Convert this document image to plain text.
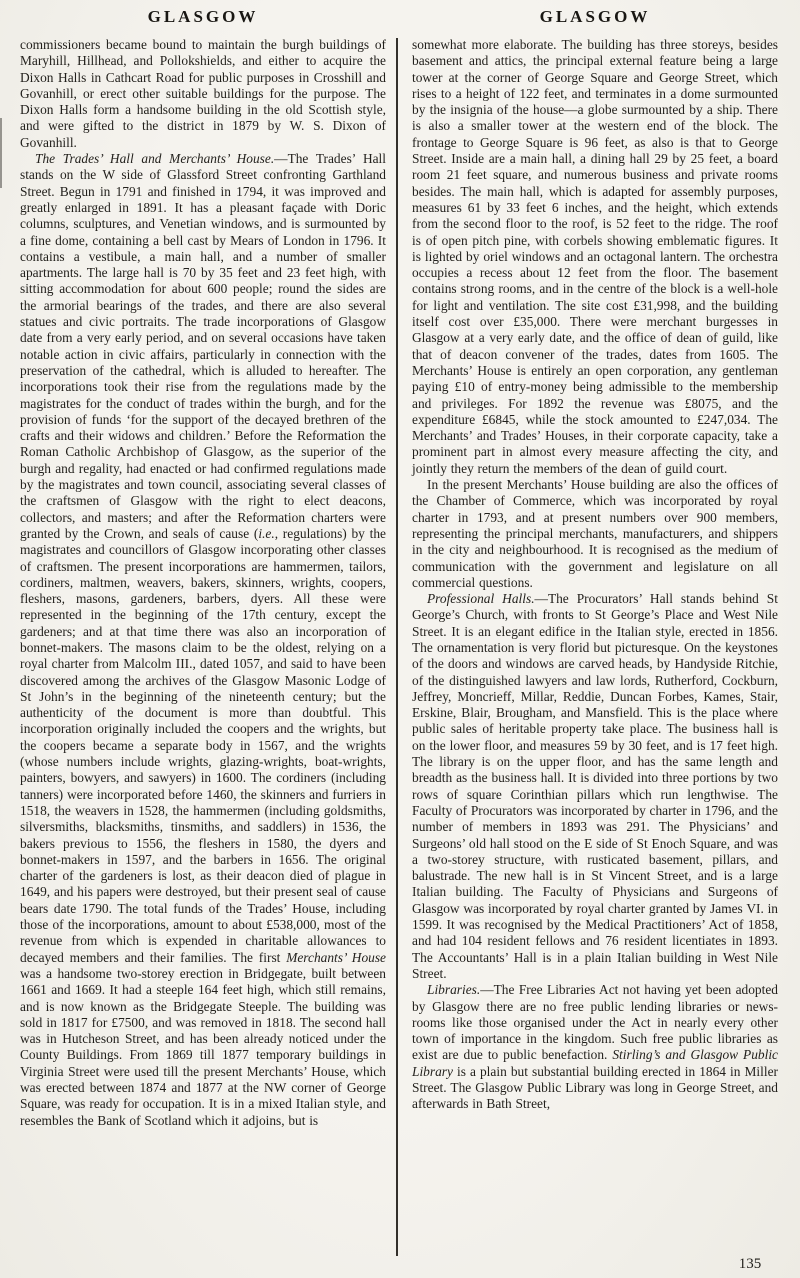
GLASGOW	GLASGOW

commissioners became bound to maintain the burgh buildings of Maryhill, Hillhead, and Pollokshields, and either to acquire the Dixon Halls in Cathcart Road for public purposes in Crosshill and Govanhill, or erect other suitable buildings for the purpose. The Dixon Halls form a handsome building in the old Scottish style, and were gifted to the district in 1879 by W. S. Dixon of Govanhill.

The Trades’ Hall and Merchants’ House.—The Trades’ Hall stands on the W side of Glassford Street confronting Garthland Street. Begun in 1791 and finished in 1794, it was improved and greatly enlarged in 1891. It has a pleasant façade with Doric columns, sculptures, and Venetian windows, and is surmounted by a fine dome, containing a bell cast by Mears of London in 1796. It contains a vestibule, a main hall, and a number of smaller apartments. The large hall is 70 by 35 feet and 23 feet high, with sitting accommodation for about 600 people; round the sides are the armorial bearings of the trades, and there are also several statues and civic portraits. The trade incorporations of Glasgow date from a very early period, and on several occasions have taken notable action in civic affairs, particularly in connection with the preservation of the cathedral, which is alluded to hereafter. The incorporations took their rise from the regulations made by the magistrates for the conduct of trades within the burgh, and for the provision of funds ‘for the support of the decayed brethren of the crafts and their widows and children.’ Before the Reformation the Roman Catholic Archbishop of Glasgow, as the superior of the burgh and regality, had enacted or had confirmed regulations made by the magistrates and town council, associating several classes of the craftsmen of Glasgow with the right to elect deacons, collectors, and masters; and after the Reformation charters were granted by the Crown, and seals of cause (i.e., regulations) by the magistrates and councillors of Glasgow incorporating other classes of craftsmen. The present incorporations are hammermen, tailors, cordiners, maltmen, weavers, bakers, skinners, wrights, coopers, fleshers, masons, gardeners, barbers, dyers. All these were represented in the beginning of the 17th century, except the gardeners; and at that time there was also an incorporation of bonnet-makers. The masons claim to be the oldest, relying on a royal charter from Malcolm III., dated 1057, and said to have been discovered among the archives of the Glasgow Masonic Lodge of St John’s in the beginning of the nineteenth century; but the authenticity of the document is more than doubtful. This incorporation originally included the coopers and the wrights, but the coopers became a separate body in 1567, and the wrights (whose numbers include wrights, glazing-wrights, boat-wrights, painters, bowyers, and sawyers) in 1600. The cordiners (including tanners) were incorporated before 1460, the skinners and furriers in 1518, the weavers in 1528, the hammermen (including goldsmiths, silversmiths, blacksmiths, tinsmiths, and saddlers) in 1536, the bakers previous to 1556, the fleshers in 1580, the dyers and bonnet-makers in 1597, and the barbers in 1656. The original charter of the gardeners is lost, as their deacon died of plague in 1649, and his papers were destroyed, but their present seal of cause bears date 1790. The total funds of the Trades’ House, including those of the incorporations, amount to about £538,000, most of the revenue from which is expended in charitable allowances to decayed members and their families. The first Merchants’ House was a handsome two-storey erection in Bridgegate, built between 1661 and 1669. It had a steeple 164 feet high, which still remains, and is now known as the Bridgegate Steeple. The building was sold in 1817 for £7500, and was removed in 1818. The second hall was in Hutcheson Street, and has been already noticed under the County Buildings. From 1869 till 1877 temporary buildings in Virginia Street were used till the present Merchants’ House, which was erected between 1874 and 1877 at the NW corner of George Square, was ready for occupation. It is in a mixed Italian style, and resembles the Bank of Scotland which it adjoins, but is

somewhat more elaborate. The building has three storeys, besides basement and attics, the principal external feature being a large tower at the corner of George Square and George Street, which rises to a height of 122 feet, and terminates in a dome surmounted by the insignia of the house—a globe surmounted by a ship. There is also a smaller tower at the western end of the block. The frontage to George Square is 96 feet, as also is that to George Street. Inside are a main hall, a dining hall 29 by 25 feet, a board room 21 feet square, and numerous business and private rooms besides. The main hall, which is adapted for assembly purposes, measures 61 by 33 feet 6 inches, and the height, which extends from the second floor to the roof, is 52 feet to the ridge. The roof is of open pitch pine, with corbels showing emblematic figures. It is lighted by oriel windows and an octagonal lantern. The orchestra occupies a recess about 12 feet from the floor. The basement contains strong rooms, and in the centre of the block is a well-hole for light and ventilation. The site cost £31,998, and the building itself cost over £35,000. There were merchant burgesses in Glasgow at a very early date, and the office of dean of guild, like that of deacon convener of the trades, dates from 1605. The Merchants’ House is entirely an open corporation, any gentleman paying £10 of entry-money being admissible to the membership and privileges. For 1892 the revenue was £8075, and the expenditure £6845, while the stock amounted to £247,034. The Merchants’ and Trades’ Houses, in their corporate capacity, take a prominent part in almost every measure affecting the city, and jointly they return the members of the dean of guild court.

In the present Merchants’ House building are also the offices of the Chamber of Commerce, which was incorporated by royal charter in 1793, and at present numbers over 900 members, representing the principal merchants, manufacturers, and shippers in the city and neighbourhood. It is recognised as the medium of communication with the government and legislature on all commercial questions.

Professional Halls.—The Procurators’ Hall stands behind St George’s Church, with fronts to St George’s Place and West Nile Street. It is an elegant edifice in the Italian style, erected in 1856. The ornamentation is very florid but picturesque. On the keystones of the doors and windows are carved heads, by Handyside Ritchie, of the distinguished lawyers and law lords, Rutherford, Cockburn, Jeffrey, Moncrieff, Millar, Reddie, Duncan Forbes, Kames, Stair, Erskine, Blair, Brougham, and Mansfield. This is the place where public sales of heritable property take place. The business hall is on the lower floor, and measures 59 by 30 feet, and is 17 feet high. The library is on the upper floor, and has the same length and breadth as the business hall. It is divided into three portions by two rows of square Corinthian pillars which run lengthwise. The Faculty of Procurators was incorporated by charter in 1796, and the number of members in 1893 was 291. The Physicians’ and Surgeons’ old hall stood on the E side of St Enoch Square, and was a two-storey structure, with rusticated basement, pillars, and balustrade. The new hall is in St Vincent Street, and is a large Italian building. The Faculty of Physicians and Surgeons of Glasgow was incorporated by royal charter granted by James VI. in 1599. It was recognised by the Medical Practitioners’ Act of 1858, and had 104 resident fellows and 76 resident licentiates in 1893. The Accountants’ Hall is in a plain Italian building in West Nile Street.

Libraries.—The Free Libraries Act not having yet been adopted by Glasgow there are no free public lending libraries or news-rooms like those organised under the Act in nearly every other town of importance in the kingdom. Such free public libraries as exist are due to public benefaction. Stirling’s and Glasgow Public Library is a plain but substantial building erected in 1864 in Miller Street. The Glasgow Public Library was long in George Street, and afterwards in Bath Street,

135
